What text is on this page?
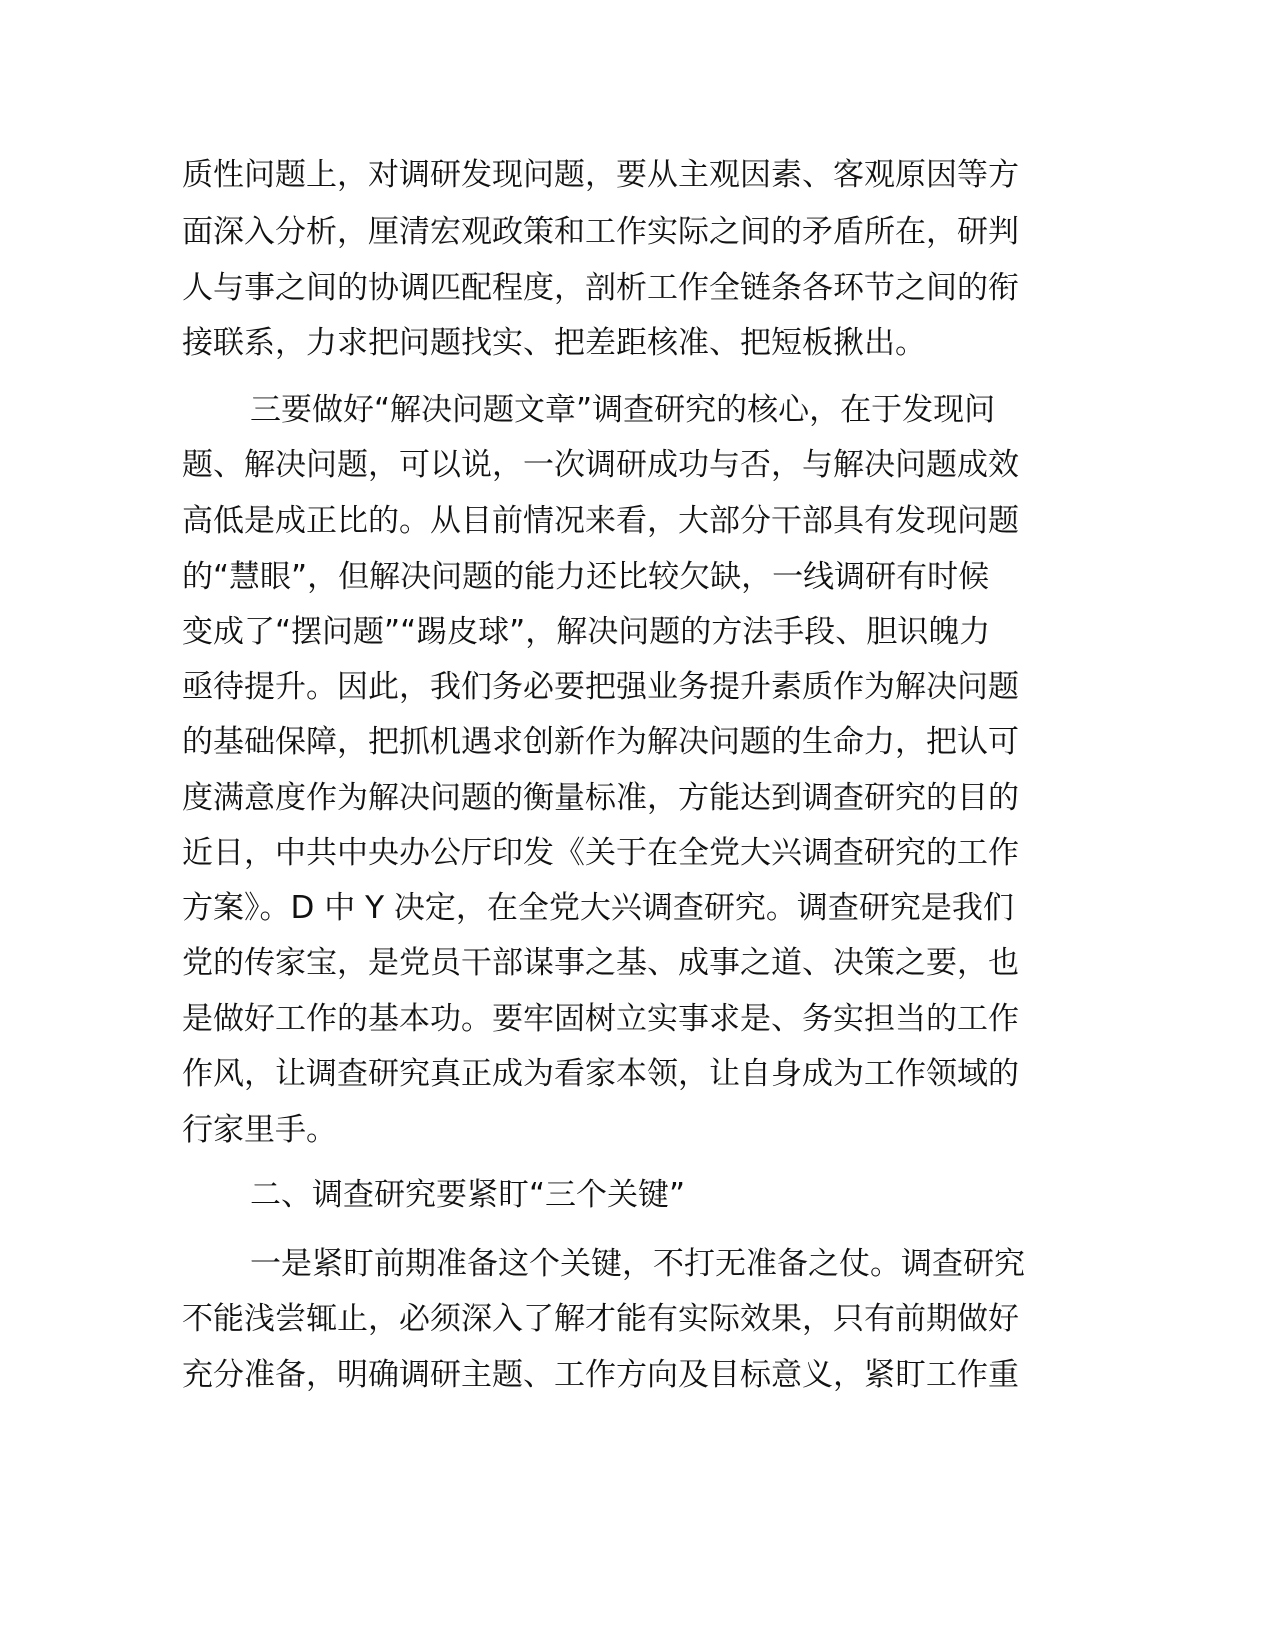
质性问题上，对调研发现问题，要从主观因素、客观原因等方
面深入分析，厘清宏观政策和工作实际之间的矛盾所在，研判
人与事之间的协调匹配程度，剖析工作全链条各环节之间的衔
接联系，力求把问题找实、把差距核准、把短板揪出。
三要做好“解决问题文章”调查研究的核心，在于发现问
题、解决问题，可以说，一次调研成功与否，与解决问题成效
高低是成正比的。从目前情况来看，大部分干部具有发现问题
的“慧眼”，但解决问题的能力还比较欠缺，一线调研有时候
变成了“摆问题”“踢皮球”，解决问题的方法手段、胆识魄力
亟待提升。因此，我们务必要把强业务提升素质作为解决问题
的基础保障，把抓机遇求创新作为解决问题的生命力，把认可
度满意度作为解决问题的衡量标准，方能达到调查研究的目的
近日，中共中央办公厅印发《关于在全党大兴调查研究的工作
方案》。D 中 Y 决定，在全党大兴调查研究。调查研究是我们
党的传家宝，是党员干部谋事之基、成事之道、决策之要，也
是做好工作的基本功。要牢固树立实事求是、务实担当的工作
作风，让调查研究真正成为看家本领，让自身成为工作领域的
行家里手。
二、调查研究要紧盯“三个关键”
一是紧盯前期准备这个关键，不打无准备之仗。调查研究
不能浅尝辄止，必须深入了解才能有实际效果，只有前期做好
充分准备，明确调研主题、工作方向及目标意义，紧盯工作重
